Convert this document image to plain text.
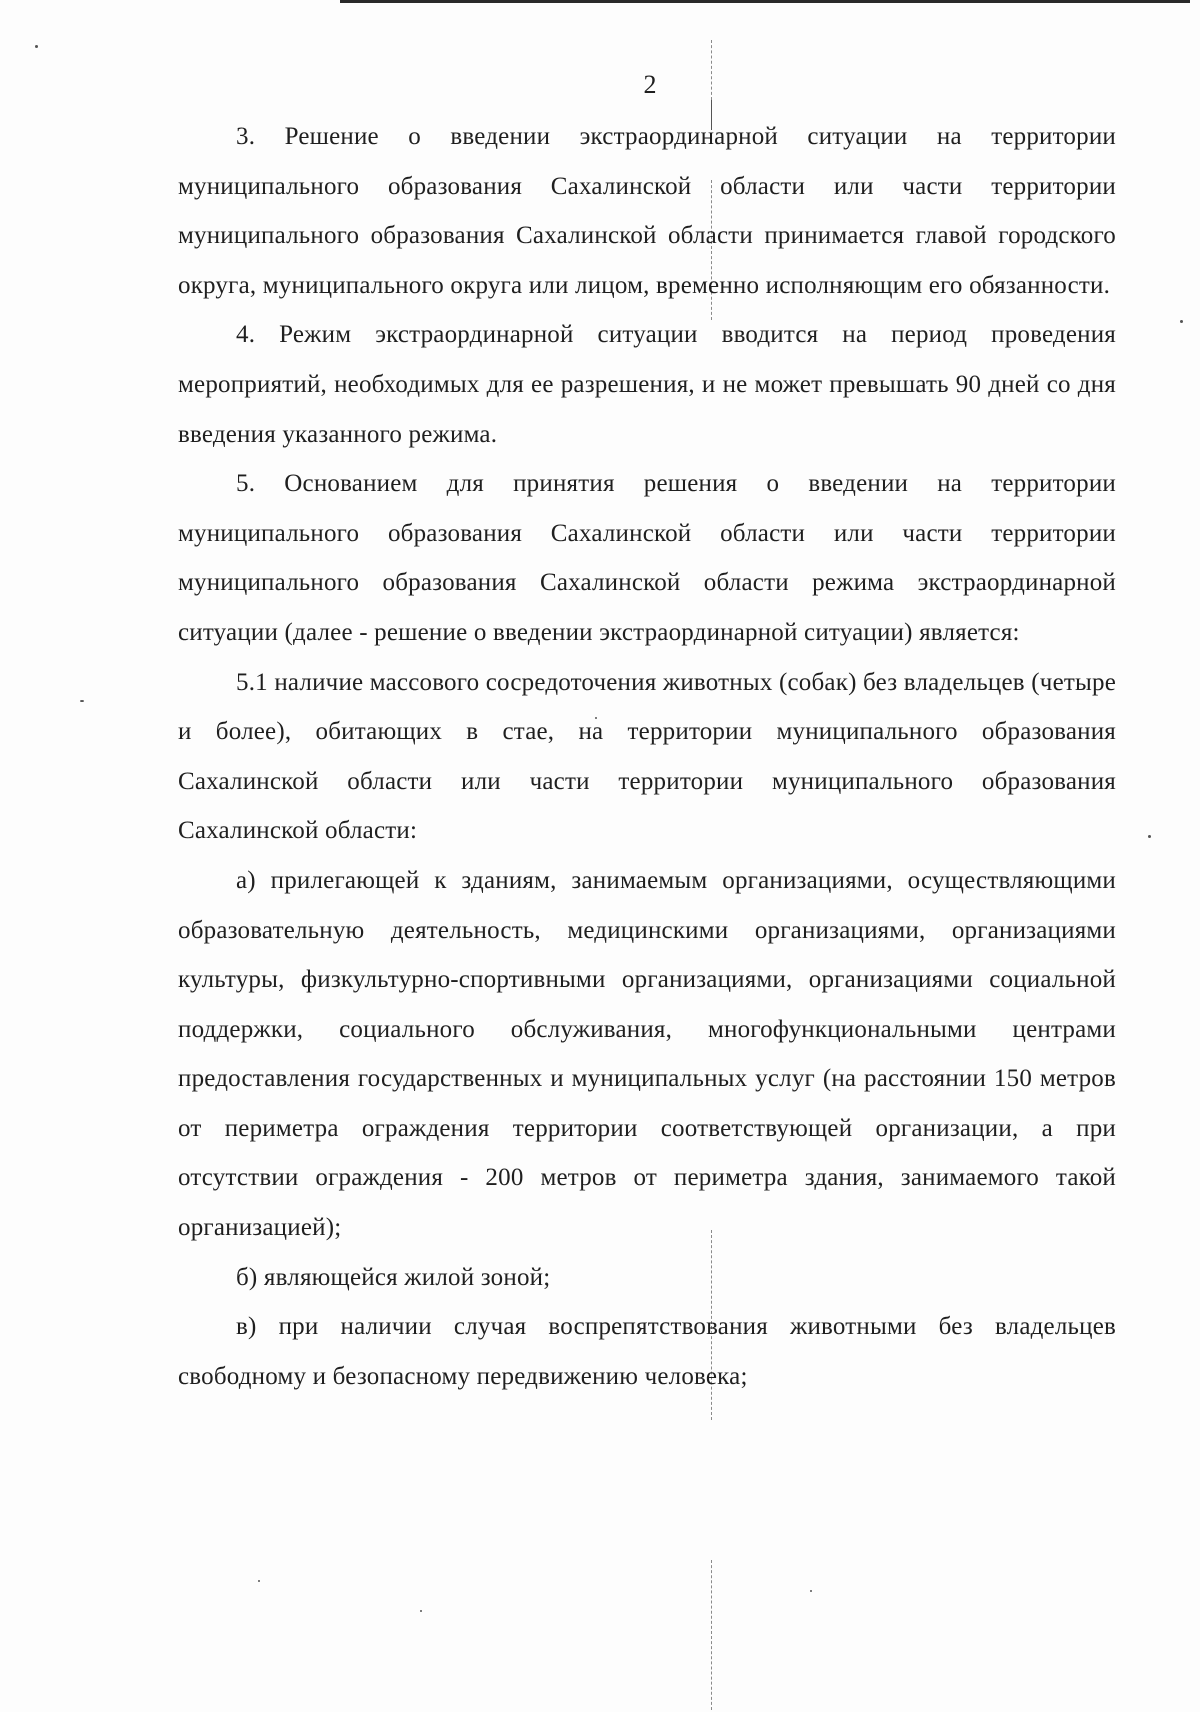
2

3. Решение о введении экстраординарной ситуации на территории муниципального образования Сахалинской области или части территории муниципального образования Сахалинской области принимается главой городского округа, муниципального округа или лицом, временно исполняющим его обязанности.

4. Режим экстраординарной ситуации вводится на период проведения мероприятий, необходимых для ее разрешения, и не может превышать 90 дней со дня введения указанного режима.

5. Основанием для принятия решения о введении на территории муниципального образования Сахалинской области или части территории муниципального образования Сахалинской области режима экстраординарной ситуации (далее - решение о введении экстраординарной ситуации) является:

5.1 наличие массового сосредоточения животных (собак) без владельцев (четыре и более), обитающих в стае, на территории муниципального образования Сахалинской области или части территории муниципального образования Сахалинской области:

а) прилегающей к зданиям, занимаемым организациями, осуществляющими образовательную деятельность, медицинскими организациями, организациями культуры, физкультурно-спортивными организациями, организациями социальной поддержки, социального обслуживания, многофункциональными центрами предоставления государственных и муниципальных услуг (на расстоянии 150 метров от периметра ограждения территории соответствующей организации, а при отсутствии ограждения - 200 метров от периметра здания, занимаемого такой организацией);

б) являющейся жилой зоной;

в) при наличии случая воспрепятствования животными без владельцев свободному и безопасному передвижению человека;
